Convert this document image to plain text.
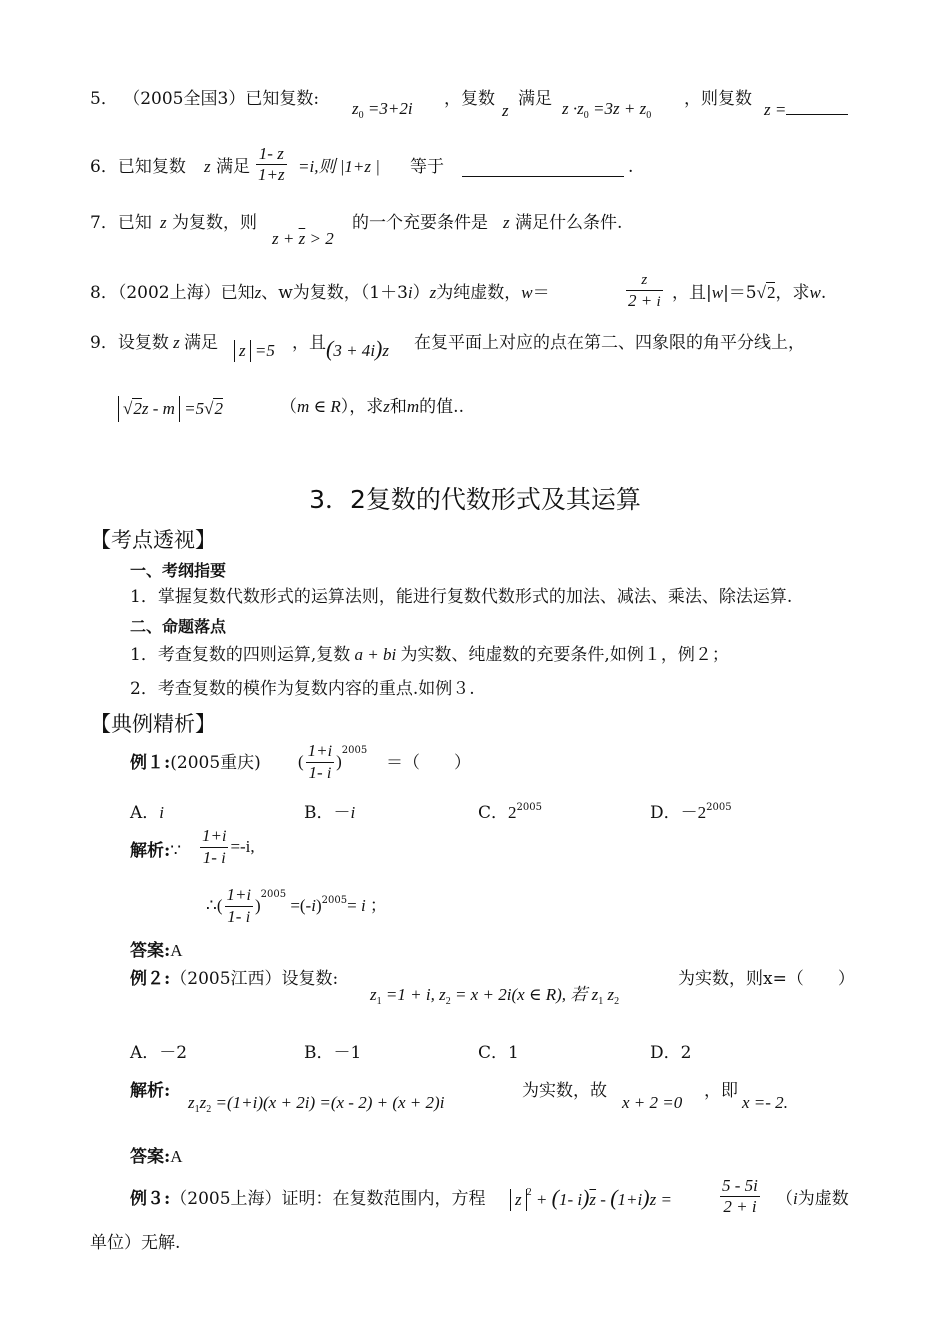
5． （2005全国3）已知复数: $z_0 =3+2i$ ，复数
z
满足 $z \cdot z_0 =3z + z_0$
，则复数
z =
6．已知复数 z 满足 $\frac{1- z}{1+z} =i$,则 |1+z | 等于	.
7．已知 z 为复数，则
$z + \overline{z} > 2$
的一个充要条件是 z 满足什么条件.
8．（2002上海）已知z、w为复数，（1＋3i）z为纯虚数，w＝	$\frac{z}{2 + i}$ ，且|w|＝5√2，求w.
9．设复数 z 满足 z =5 ，且 (3 + 4i)z 在复平面上对应的点在第二、四象限的角平分线上，
√2z - m =5√2	（m ∈ R），求z和m的值..
3．2复数的代数形式及其运算
【考点透视】
一、考纲指要
1．掌握复数代数形式的运算法则，能进行复数代数形式的加法、减法、乘法、除法运算.
二、命题落点
1．考查复数的四则运算,复数 a + bi 为实数、纯虚数的充要条件,如例１，例２；
2．考查复数的模作为复数内容的重点.如例３.
【典例精析】
例１:(2005重庆) ( $\frac{1+i}{1- i} )^{2005}$
＝（　　）
A．i	B．－i	C．$2^{2005}$	D．$-2^{2005}$
解析:∵ $\frac{1+i}{1- i} =-i$,
∴( $\frac{1+i}{1- i} )^{2005} =(-i)^{2005}= i$ ；
答案:A
例２:（2005江西）设复数:
$z_1 =1 + i$, $z_2 = x + 2i(x$ ∈ R), 若 $z_1$ $z_2$
为实数，则x=（　　）
A．－2	B．－1	C．1	D．2
解析:
$z_1z_2 =(1+i)(x + 2i) =(x - 2) + (x + 2)i$
为实数，故
x + 2 =0
，即
x =- 2.
答案:A
例３:（2005上海）证明：在复数范围内，方程 z $^2$ + (1- $i)\overline{z} - (1+i)z$ =	$\frac{5 - 5i}{2 + i} (i$为虚数
单位）无解.
